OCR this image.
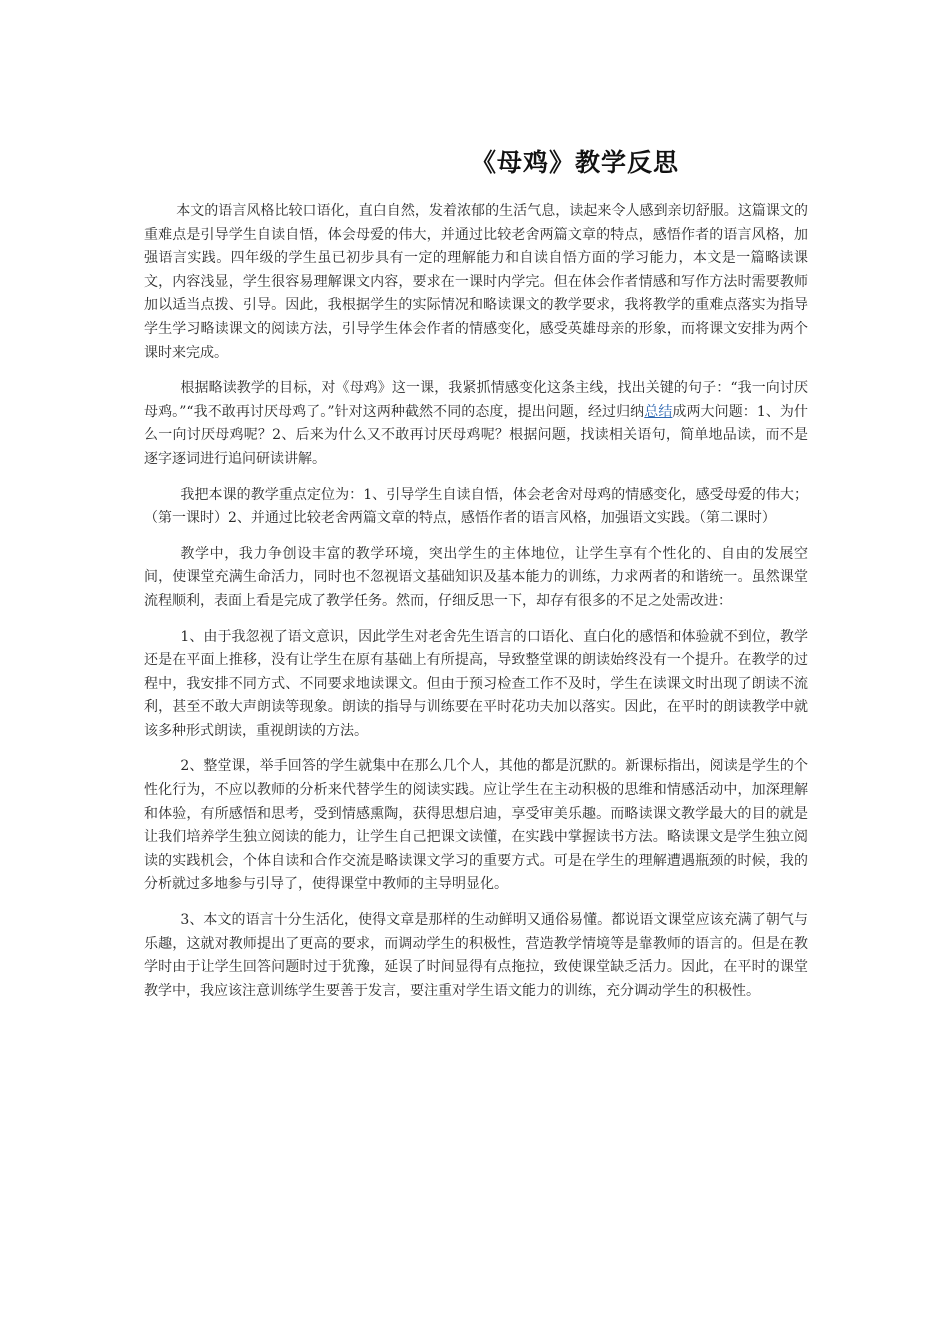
《母鸡》教学反思

本文的语言风格比较口语化，直白自然，发着浓郁的生活气息，读起来令人感到亲切舒服。这篇课文的重难点是引导学生自读自悟，体会母爱的伟大，并通过比较老舍两篇文章的特点，感悟作者的语言风格，加强语言实践。四年级的学生虽已初步具有一定的理解能力和自读自悟方面的学习能力，本文是一篇略读课文，内容浅显，学生很容易理解课文内容，要求在一课时内学完。但在体会作者情感和写作方法时需要教师加以适当点拨、引导。因此，我根据学生的实际情况和略读课文的教学要求，我将教学的重难点落实为指导学生学习略读课文的阅读方法，引导学生体会作者的情感变化，感受英雄母亲的形象，而将课文安排为两个课时来完成。

根据略读教学的目标，对《母鸡》这一课，我紧抓情感变化这条主线，找出关键的句子：“我一向讨厌母鸡。”“我不敢再讨厌母鸡了。”针对这两种截然不同的态度，提出问题，经过归纳总结成两大问题：1、为什么一向讨厌母鸡呢？2、后来为什么又不敢再讨厌母鸡呢？根据问题，找读相关语句，简单地品读，而不是逐字逐词进行追问研读讲解。

我把本课的教学重点定位为：1、引导学生自读自悟，体会老舍对母鸡的情感变化，感受母爱的伟大；（第一课时）2、并通过比较老舍两篇文章的特点，感悟作者的语言风格，加强语文实践。（第二课时）

教学中，我力争创设丰富的教学环境，突出学生的主体地位，让学生享有个性化的、自由的发展空间，使课堂充满生命活力，同时也不忽视语文基础知识及基本能力的训练，力求两者的和谐统一。虽然课堂流程顺利，表面上看是完成了教学任务。然而，仔细反思一下，却存有很多的不足之处需改进：

1、由于我忽视了语文意识，因此学生对老舍先生语言的口语化、直白化的感悟和体验就不到位，教学还是在平面上推移，没有让学生在原有基础上有所提高，导致整堂课的朗读始终没有一个提升。在教学的过程中，我安排不同方式、不同要求地读课文。但由于预习检查工作不及时，学生在读课文时出现了朗读不流利，甚至不敢大声朗读等现象。朗读的指导与训练要在平时花功夫加以落实。因此，在平时的朗读教学中就该多种形式朗读，重视朗读的方法。

2、整堂课，举手回答的学生就集中在那么几个人，其他的都是沉默的。新课标指出，阅读是学生的个性化行为，不应以教师的分析来代替学生的阅读实践。应让学生在主动积极的思维和情感活动中，加深理解和体验，有所感悟和思考，受到情感熏陶，获得思想启迪，享受审美乐趣。而略读课文教学最大的目的就是让我们培养学生独立阅读的能力，让学生自己把课文读懂，在实践中掌握读书方法。略读课文是学生独立阅读的实践机会，个体自读和合作交流是略读课文学习的重要方式。可是在学生的理解遭遇瓶颈的时候，我的分析就过多地参与引导了，使得课堂中教师的主导明显化。

3、本文的语言十分生活化，使得文章是那样的生动鲜明又通俗易懂。都说语文课堂应该充满了朝气与乐趣，这就对教师提出了更高的要求，而调动学生的积极性，营造教学情境等是靠教师的语言的。但是在教学时由于让学生回答问题时过于犹豫，延误了时间显得有点拖拉，致使课堂缺乏活力。因此，在平时的课堂教学中，我应该注意训练学生要善于发言，要注重对学生语文能力的训练，充分调动学生的积极性。
